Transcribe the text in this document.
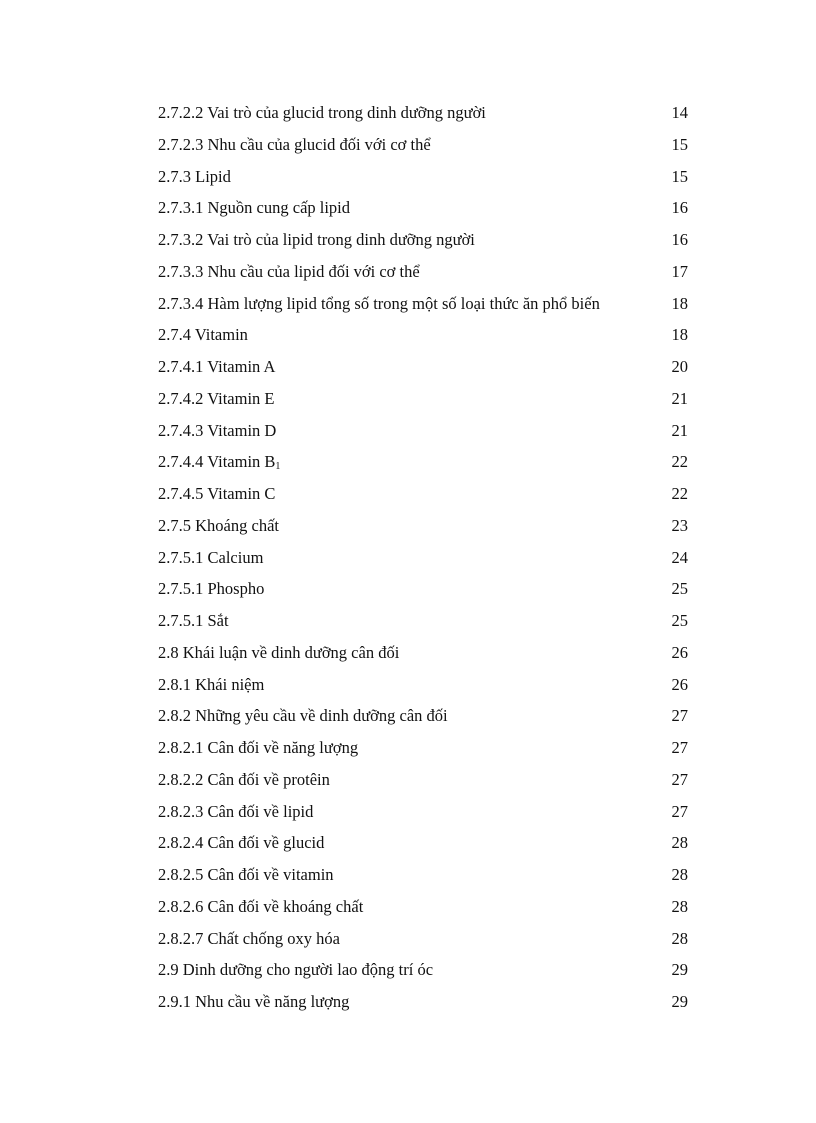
2.7.2.2 Vai trò của glucid trong dinh dưỡng người	14
2.7.2.3 Nhu cầu của glucid đối với cơ thể	15
2.7.3 Lipid	15
2.7.3.1 Nguồn cung cấp lipid	16
2.7.3.2 Vai trò của lipid trong dinh dưỡng người	16
2.7.3.3 Nhu cầu của lipid đối với cơ thể	17
2.7.3.4 Hàm lượng lipid tổng số trong một số loại thức ăn phổ biến	18
2.7.4 Vitamin	18
2.7.4.1 Vitamin A	20
2.7.4.2 Vitamin E	21
2.7.4.3 Vitamin D	21
2.7.4.4 Vitamin $B_1$	22
2.7.4.5 Vitamin C	22
2.7.5 Khoáng chất	23
2.7.5.1 Calcium	24
2.7.5.1 Phospho	25
2.7.5.1 Sắt	25
2.8 Khái luận về dinh dưỡng cân đối	26
2.8.1 Khái niệm	26
2.8.2 Những yêu cầu về dinh dưỡng cân đối	27
2.8.2.1 Cân đối về năng lượng	27
2.8.2.2 Cân đối về protêin	27
2.8.2.3 Cân đối về lipid	27
2.8.2.4 Cân đối về glucid	28
2.8.2.5 Cân đối về vitamin	28
2.8.2.6 Cân đối về khoáng chất	28
2.8.2.7 Chất chống oxy hóa	28
2.9 Dinh dưỡng cho người lao động trí óc	29
2.9.1 Nhu cầu về năng lượng	29
